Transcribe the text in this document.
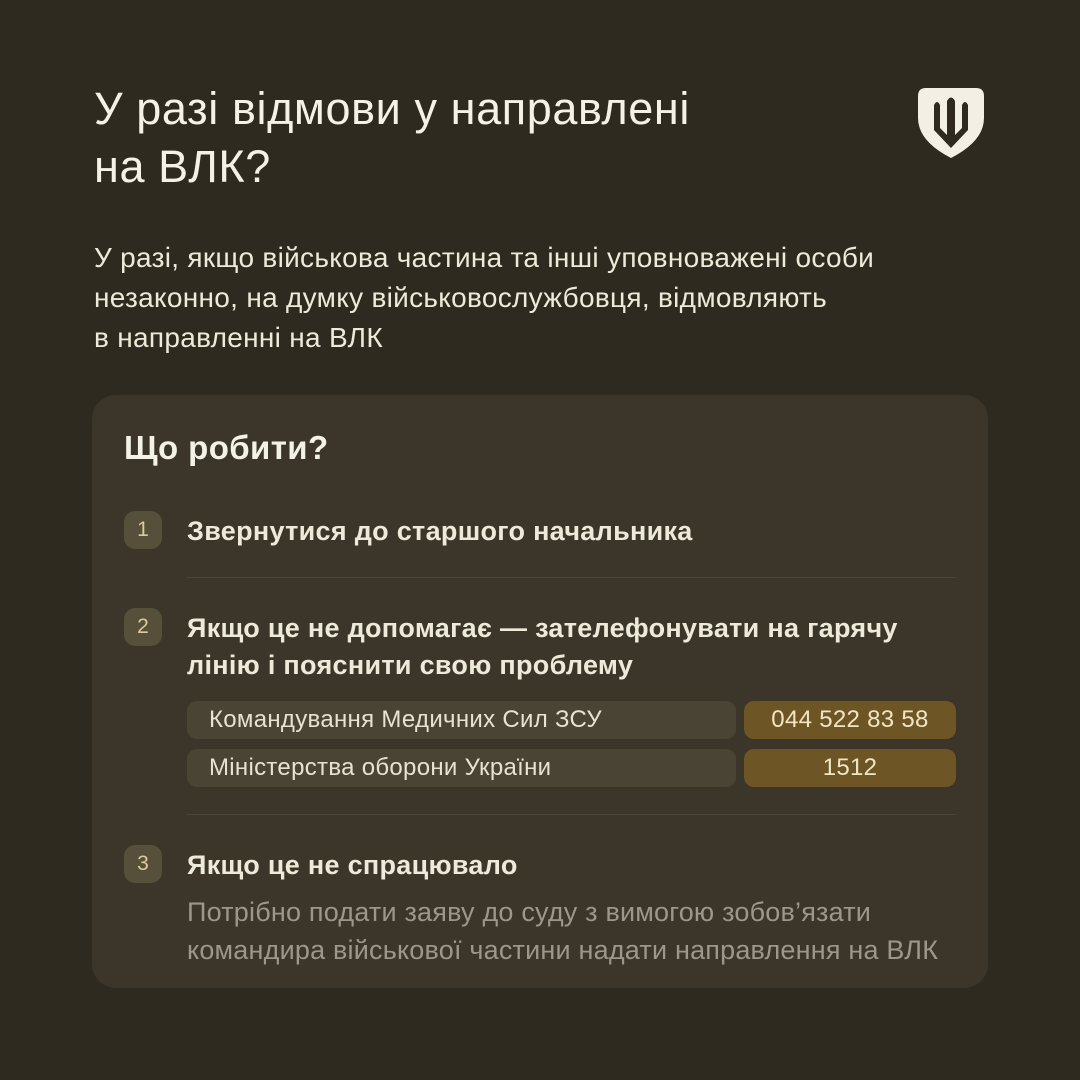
У разі відмови у направлені
на ВЛК?
У разі, якщо військова частина та інші уповноважені особи
незаконно, на думку військовослужбовця, відмовляють
в направленні на ВЛК
Що робити?
1	Звернутися до старшого начальника
2	Якщо це не допомагає — зателефонувати на гарячу
лінію і пояснити свою проблему
Командування Медичних Сил ЗСУ	044 522 83 58
Міністерства оборони України	1512
3	Якщо це не спрацювало
Потрібно подати заяву до суду з вимогою зобов’язати
командира військової частини надати направлення на ВЛК
